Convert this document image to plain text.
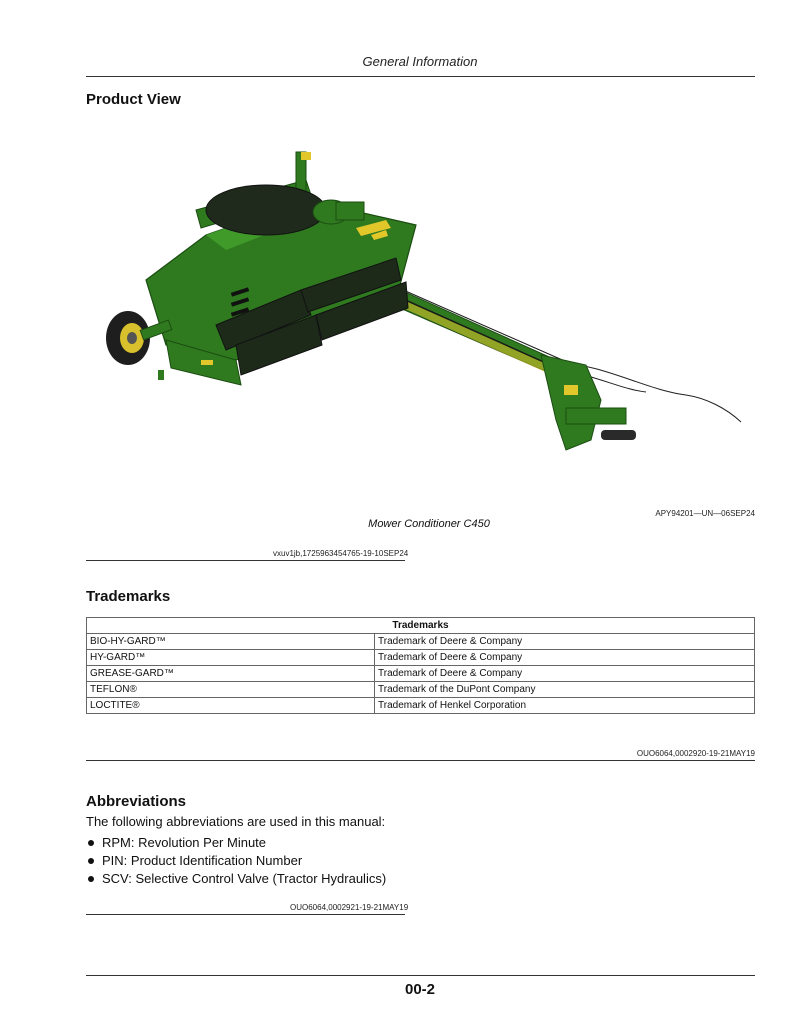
General Information
Product View
APY94201—UN—06SEP24
Mower Conditioner C450
vxuv1jb,1725963454765-19-10SEP24
Trademarks
Trademarks	
BIO-HY-GARD™	Trademark of Deere & Company
HY-GARD™	Trademark of Deere & Company
GREASE-GARD™	Trademark of Deere & Company
TEFLON®	Trademark of the DuPont Company
LOCTITE®	Trademark of Henkel Corporation
OUO6064,0002920-19-21MAY19
Abbreviations
The following abbreviations are used in this manual:
RPM: Revolution Per Minute
PIN: Product Identification Number
SCV: Selective Control Valve (Tractor Hydraulics)
OUO6064,0002921-19-21MAY19
00-2
